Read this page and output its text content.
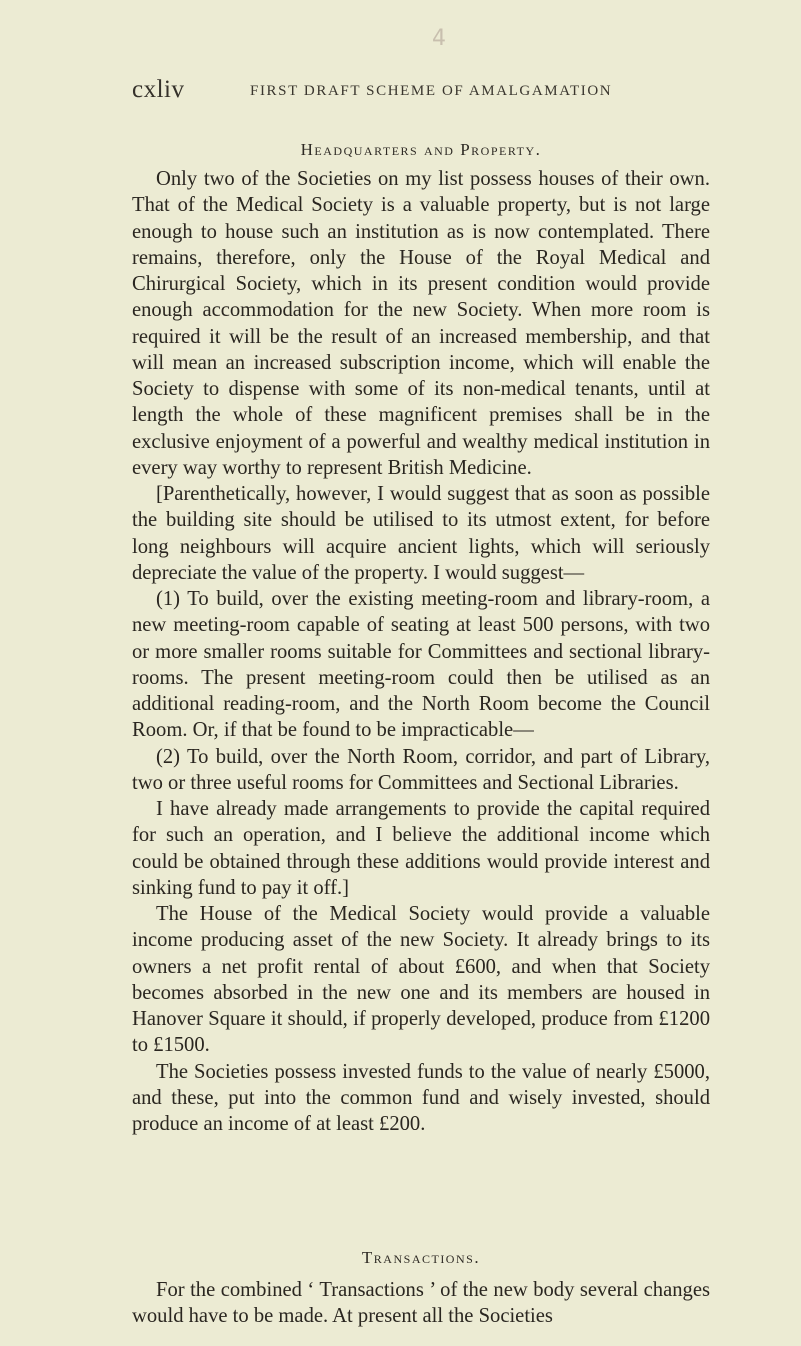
4
cxliv	FIRST DRAFT SCHEME OF AMALGAMATION
Headquarters and Property.

Only two of the Societies on my list possess houses of their own. That of the Medical Society is a valuable property, but is not large enough to house such an institution as is now contemplated. There remains, therefore, only the House of the Royal Medical and Chirurgical Society, which in its present condition would provide enough accommodation for the new Society. When more room is required it will be the result of an increased membership, and that will mean an increased subscription income, which will enable the Society to dispense with some of its non-medical tenants, until at length the whole of these magnificent premises shall be in the exclusive enjoyment of a powerful and wealthy medical institution in every way worthy to represent British Medicine.

[Parenthetically, however, I would suggest that as soon as possible the building site should be utilised to its utmost extent, for before long neighbours will acquire ancient lights, which will seriously depreciate the value of the property. I would suggest—

(1) To build, over the existing meeting-room and library-room, a new meeting-room capable of seating at least 500 persons, with two or more smaller rooms suitable for Committees and sectional library-rooms. The present meeting-room could then be utilised as an additional reading-room, and the North Room become the Council Room. Or, if that be found to be impracticable—

(2) To build, over the North Room, corridor, and part of Library, two or three useful rooms for Committees and Sectional Libraries.

I have already made arrangements to provide the capital required for such an operation, and I believe the additional income which could be obtained through these additions would provide interest and sinking fund to pay it off.]

The House of the Medical Society would provide a valuable income producing asset of the new Society. It already brings to its owners a net profit rental of about £600, and when that Society becomes absorbed in the new one and its members are housed in Hanover Square it should, if properly developed, produce from £1200 to £1500.

The Societies possess invested funds to the value of nearly £5000, and these, put into the common fund and wisely invested, should produce an income of at least £200.

Transactions.

For the combined ‘ Transactions ’ of the new body several changes would have to be made. At present all the Societies
